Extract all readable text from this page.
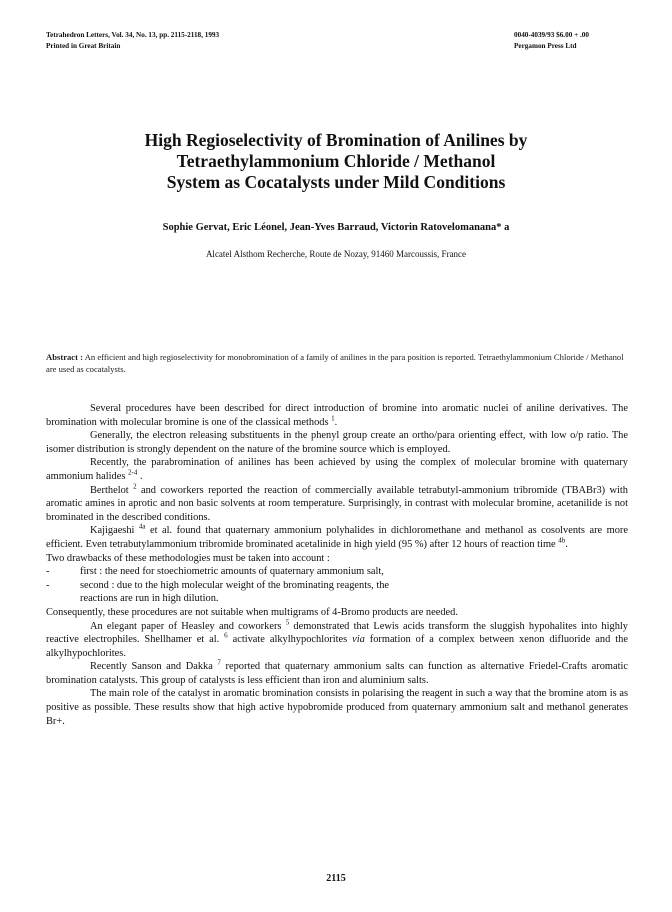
Tetrahedron Letters, Vol. 34, No. 13, pp. 2115-2118, 1993
Printed in Great Britain
0040-4039/93 $6.00 + .00
Pergamon Press Ltd
High Regioselectivity of Bromination of Anilines by
Tetraethylammonium Chloride / Methanol
System as Cocatalysts under Mild Conditions
Sophie Gervat, Eric Léonel, Jean-Yves Barraud, Victorin Ratovelomanana* a
Alcatel Alsthom Recherche, Route de Nozay, 91460 Marcoussis, France
Abstract : An efficient and high regioselectivity for monobromination of a family of anilines in the para position is reported. Tetraethylammonium Chloride / Methanol are used as cocatalysts.

Several procedures have been described for direct introduction of bromine into aromatic nuclei of aniline derivatives. The bromination with molecular bromine is one of the classical methods $^1$.

Generally, the electron releasing substituents in the phenyl group create an ortho/para orienting effect, with low o/p ratio. The isomer distribution is strongly dependent on the nature of the bromine source which is employed.

Recently, the parabromination of anilines has been achieved by using the complex of molecular bromine with quaternary ammonium halides $^{2-4}$ .

Berthelot $^2$ and coworkers reported the reaction of commercially available tetrabutyl-ammonium tribromide (TBABr3) with aromatic amines in aprotic and non basic solvents at room temperature. Surprisingly, in contrast with molecular bromine, acetanilide is not brominated in the described conditions.

Kajigaeshi $^{4a}$ et al. found that quaternary ammonium polyhalides in dichloromethane and methanol as cosolvents are more efficient. Even tetrabutylammonium tribromide brominated acetalinide in high yield (95 %) after 12 hours of reaction time $^{4b}$.

Two drawbacks of these methodologies must be taken into account :

-	first : the need for stoechiometric amounts of quaternary ammonium salt,

-	second : due to the high molecular weight of the brominating reagents, the

reactions are run in high dilution.

Consequently, these procedures are not suitable when multigrams of 4-Bromo products are needed.

An elegant paper of Heasley and coworkers $^5$ demonstrated that Lewis acids transform the sluggish hypohalites into highly reactive electrophiles. Shellhamer et al. $^6$ activate alkylhypochlorites via formation of a complex between xenon difluoride and the alkylhypochlorites.

Recently Sanson and Dakka $^7$ reported that quaternary ammonium salts can function as alternative Friedel-Crafts aromatic bromination catalysts. This group of catalysts is less efficient than iron and aluminium salts.

The main role of the catalyst in aromatic bromination consists in polarising the reagent in such a way that the bromine atom is as positive as possible. These results show that high active hypobromide produced from quaternary ammonium salt and methanol generates Br+.

2115
